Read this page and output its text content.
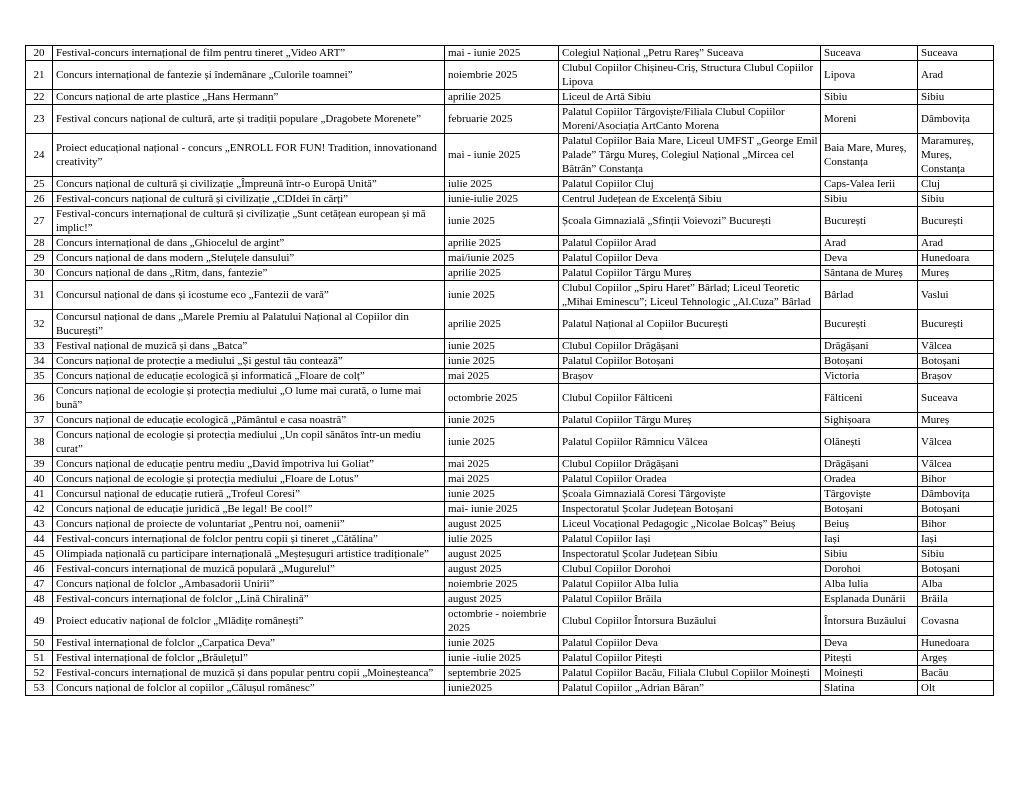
20	Festival-concurs internațional de film pentru tineret „Video ART”	mai - iunie 2025	Colegiul Național „Petru Rareș” Suceava	Suceava	Suceava
21	Concurs internațional de fantezie și îndemânare „Culorile toamnei”	noiembrie 2025	Clubul Copiilor Chișineu-Criș, Structura Clubul Copiilor Lipova	Lipova	Arad
22	Concurs național de arte plastice „Hans Hermann”	aprilie 2025	Liceul de Artă Sibiu	Sibiu	Sibiu
23	Festival concurs național de cultură, arte și tradiții populare „Dragobete Morenete”	februarie 2025	Palatul Copiilor Târgoviște/Filiala Clubul Copiilor Moreni/Asociația ArtCanto Morena	Moreni	Dâmbovița
24	Proiect educațional național - concurs „ENROLL FOR FUN! Tradition, innovationand creativity”	mai - iunie 2025	Palatul Copiilor Baia Mare, Liceul UMFST „George Emil Palade” Târgu Mureș, Colegiul Național „Mircea cel Bătrân” Constanța	Baia Mare, Mureș, Constanța	Maramureș, Mureș, Constanța
25	Concurs național de cultură și civilizație „Împreună într-o Europă Unită”	iulie 2025	Palatul Copiilor Cluj	Caps-Valea Ierii	Cluj
26	Festival-concurs național de cultură și civilizație „CDIdei în cărți”	iunie-iulie 2025	Centrul Județean de Excelență Sibiu	Sibiu	Sibiu
27	Festival-concurs internațional de cultură și civilizație „Sunt cetățean european și mă implic!”	iunie 2025	Școala Gimnazială „Sfinții Voievozi” București	București	București
28	Concurs internațional de dans „Ghiocelul de argint”	aprilie 2025	Palatul Copiilor Arad	Arad	Arad
29	Concurs național de dans modern „Steluțele dansului”	mai/iunie 2025	Palatul Copiilor Deva	Deva	Hunedoara
30	Concurs național de dans „Ritm, dans, fantezie”	aprilie 2025	Palatul Copiilor Târgu Mureș	Sântana de Mureș	Mureș
31	Concursul național de dans și icostume eco „Fantezii de vară”	iunie 2025	Clubul Copiilor „Spiru Haret” Bârlad; Liceul Teoretic „Mihai Eminescu”; Liceul Tehnologic „Al.Cuza” Bârlad	Bârlad	Vaslui
32	Concursul național de dans „Marele Premiu al Palatului Național al Copiilor din București”	aprilie 2025	Palatul Național al Copiilor București	București	București
33	Festival național de muzică și dans „Batca”	iunie 2025	Clubul Copiilor Drăgășani	Drăgășani	Vâlcea
34	Concurs național de protecție a mediului „Și gestul tău contează”	iunie 2025	Palatul Copiilor Botoșani	Botoșani	Botoșani
35	Concurs național de educație ecologică și informatică „Floare de colț”	mai 2025	Brașov	Victoria	Brașov
36	Concurs național de ecologie și protecția mediului „O lume mai curată, o lume mai bună”	octombrie 2025	Clubul Copiilor Fălticeni	Fălticeni	Suceava
37	Concurs național de educație ecologică „Pământul e casa noastră”	iunie 2025	Palatul Copiilor Târgu Mureș	Sighișoara	Mureș
38	Concurs național de ecologie și protecția mediului „Un copil sănătos într-un mediu curat”	iunie 2025	Palatul Copiilor Râmnicu Vâlcea	Olănești	Vâlcea
39	Concurs național de educație pentru mediu „David împotriva lui Goliat”	mai 2025	Clubul Copiilor Drăgășani	Drăgășani	Vâlcea
40	Concurs național de ecologie și protecția mediului „Floare de Lotus”	mai 2025	Palatul Copiilor Oradea	Oradea	Bihor
41	Concursul național de educație rutieră „Trofeul Coresi”	iunie 2025	Școala Gimnazială Coresi Târgoviște	Târgoviște	Dâmbovița
42	Concurs național de educație juridică „Be legal! Be cool!”	mai- iunie 2025	Inspectoratul Școlar Județean Botoșani	Botoșani	Botoșani
43	Concurs național de proiecte de voluntariat „Pentru noi, oamenii”	august 2025	Liceul Vocațional Pedagogic „Nicolae Bolcaș” Beiuș	Beiuș	Bihor
44	Festival-concurs internațional de folclor pentru copii și tineret „Cătălina”	iulie 2025	Palatul Copiilor Iași	Iași	Iași
45	Olimpiada națională cu participare internațională „Meșteșuguri artistice tradiționale”	august 2025	Inspectoratul Școlar Județean Sibiu	Sibiu	Sibiu
46	Festival-concurs internațional de muzică populară „Mugurelul”	august 2025	Clubul Copiilor Dorohoi	Dorohoi	Botoșani
47	Concurs național de folclor „Ambasadorii Unirii”	noiembrie 2025	Palatul Copiilor Alba Iulia	Alba Iulia	Alba
48	Festival-concurs internațional de folclor „Lină Chiralină”	august 2025	Palatul Copiilor Brăila	Esplanada Dunării	Brăila
49	Proiect educativ național de folclor „Mlădițe românești”	octombrie - noiembrie 2025	Clubul Copiilor Întorsura Buzăului	Întorsura Buzăului	Covasna
50	Festival internațional de folclor „Carpatica Deva”	iunie 2025	Palatul Copiilor Deva	Deva	Hunedoara
51	Festival internațional de folclor „Brăulețul”	iunie -iulie 2025	Palatul Copiilor Pitești	Pitești	Argeș
52	Festival-concurs internațional de muzică și dans popular pentru copii „Moineșteanca”	septembrie 2025	Palatul Copiilor Bacău, Filiala Clubul Copiilor Moinești	Moinești	Bacău
53	Concurs național de folclor al copiilor „Călușul românesc”	iunie2025	Palatul Copiilor „Adrian Băran”	Slatina	Olt
